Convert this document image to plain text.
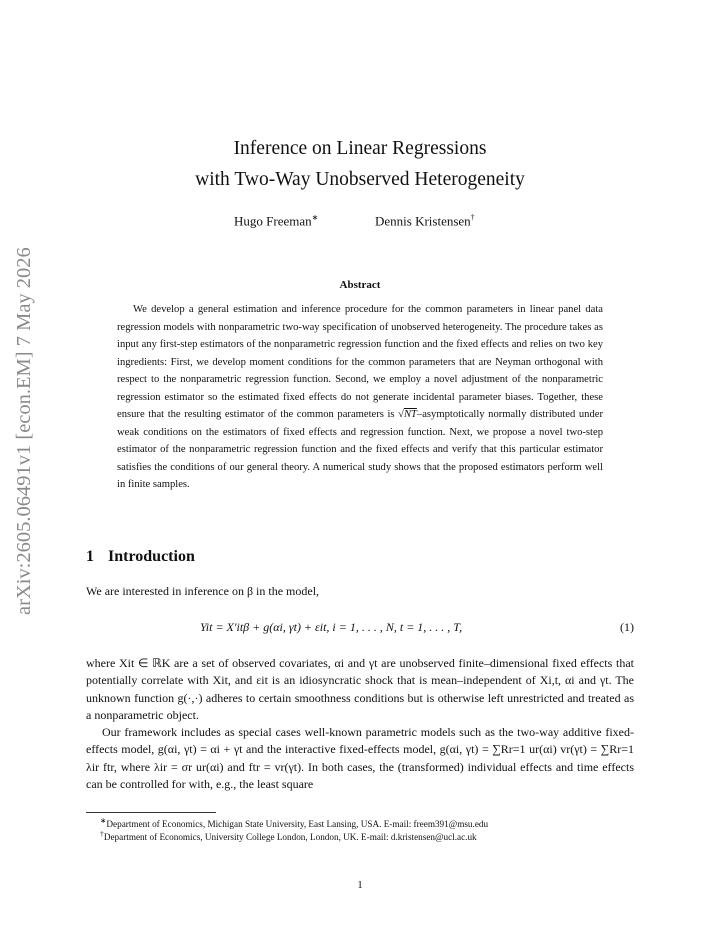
arXiv:2605.06491v1 [econ.EM] 7 May 2026
Inference on Linear Regressions
with Two-Way Unobserved Heterogeneity
Hugo Freeman∗	Dennis Kristensen†
Abstract
We develop a general estimation and inference procedure for the common parameters in linear panel data regression models with nonparametric two-way specification of unobserved heterogeneity. The procedure takes as input any first-step estimators of the nonparametric regression function and the fixed effects and relies on two key ingredients: First, we develop moment conditions for the common parameters that are Neyman orthogonal with respect to the nonparametric regression function. Second, we employ a novel adjustment of the nonparametric regression estimator so the estimated fixed effects do not generate incidental parameter biases. Together, these ensure that the resulting estimator of the common parameters is √NT–asymptotically normally distributed under weak conditions on the estimators of fixed effects and regression function. Next, we propose a novel two-step estimator of the nonparametric regression function and the fixed effects and verify that this particular estimator satisfies the conditions of our general theory. A numerical study shows that the proposed estimators perform well in finite samples.
1 Introduction
We are interested in inference on β in the model,
Yit = X′itβ + g(αi, γt) + εit, i = 1, . . . , N, t = 1, . . . , T,	(1)
where Xit ∈ ℝK are a set of observed covariates, αi and γt are unobserved finite–dimensional fixed effects that potentially correlate with Xit, and εit is an idiosyncratic shock that is mean–independent of Xi,t, αi and γt. The unknown function g(·,·) adheres to certain smoothness conditions but is otherwise left unrestricted and treated as a nonparametric object.
Our framework includes as special cases well-known parametric models such as the two-way additive fixed-effects model, g(αi, γt) = αi + γt and the interactive fixed-effects model, g(αi, γt) = ∑Rr=1 ur(αi) vr(γt) = ∑Rr=1 λir ftr, where λir = σr ur(αi) and ftr = vr(γt). In both cases, the (transformed) individual effects and time effects can be controlled for with, e.g., the least square
∗Department of Economics, Michigan State University, East Lansing, USA. E-mail: freem391@msu.edu
†Department of Economics, University College London, London, UK. E-mail: d.kristensen@ucl.ac.uk
1
